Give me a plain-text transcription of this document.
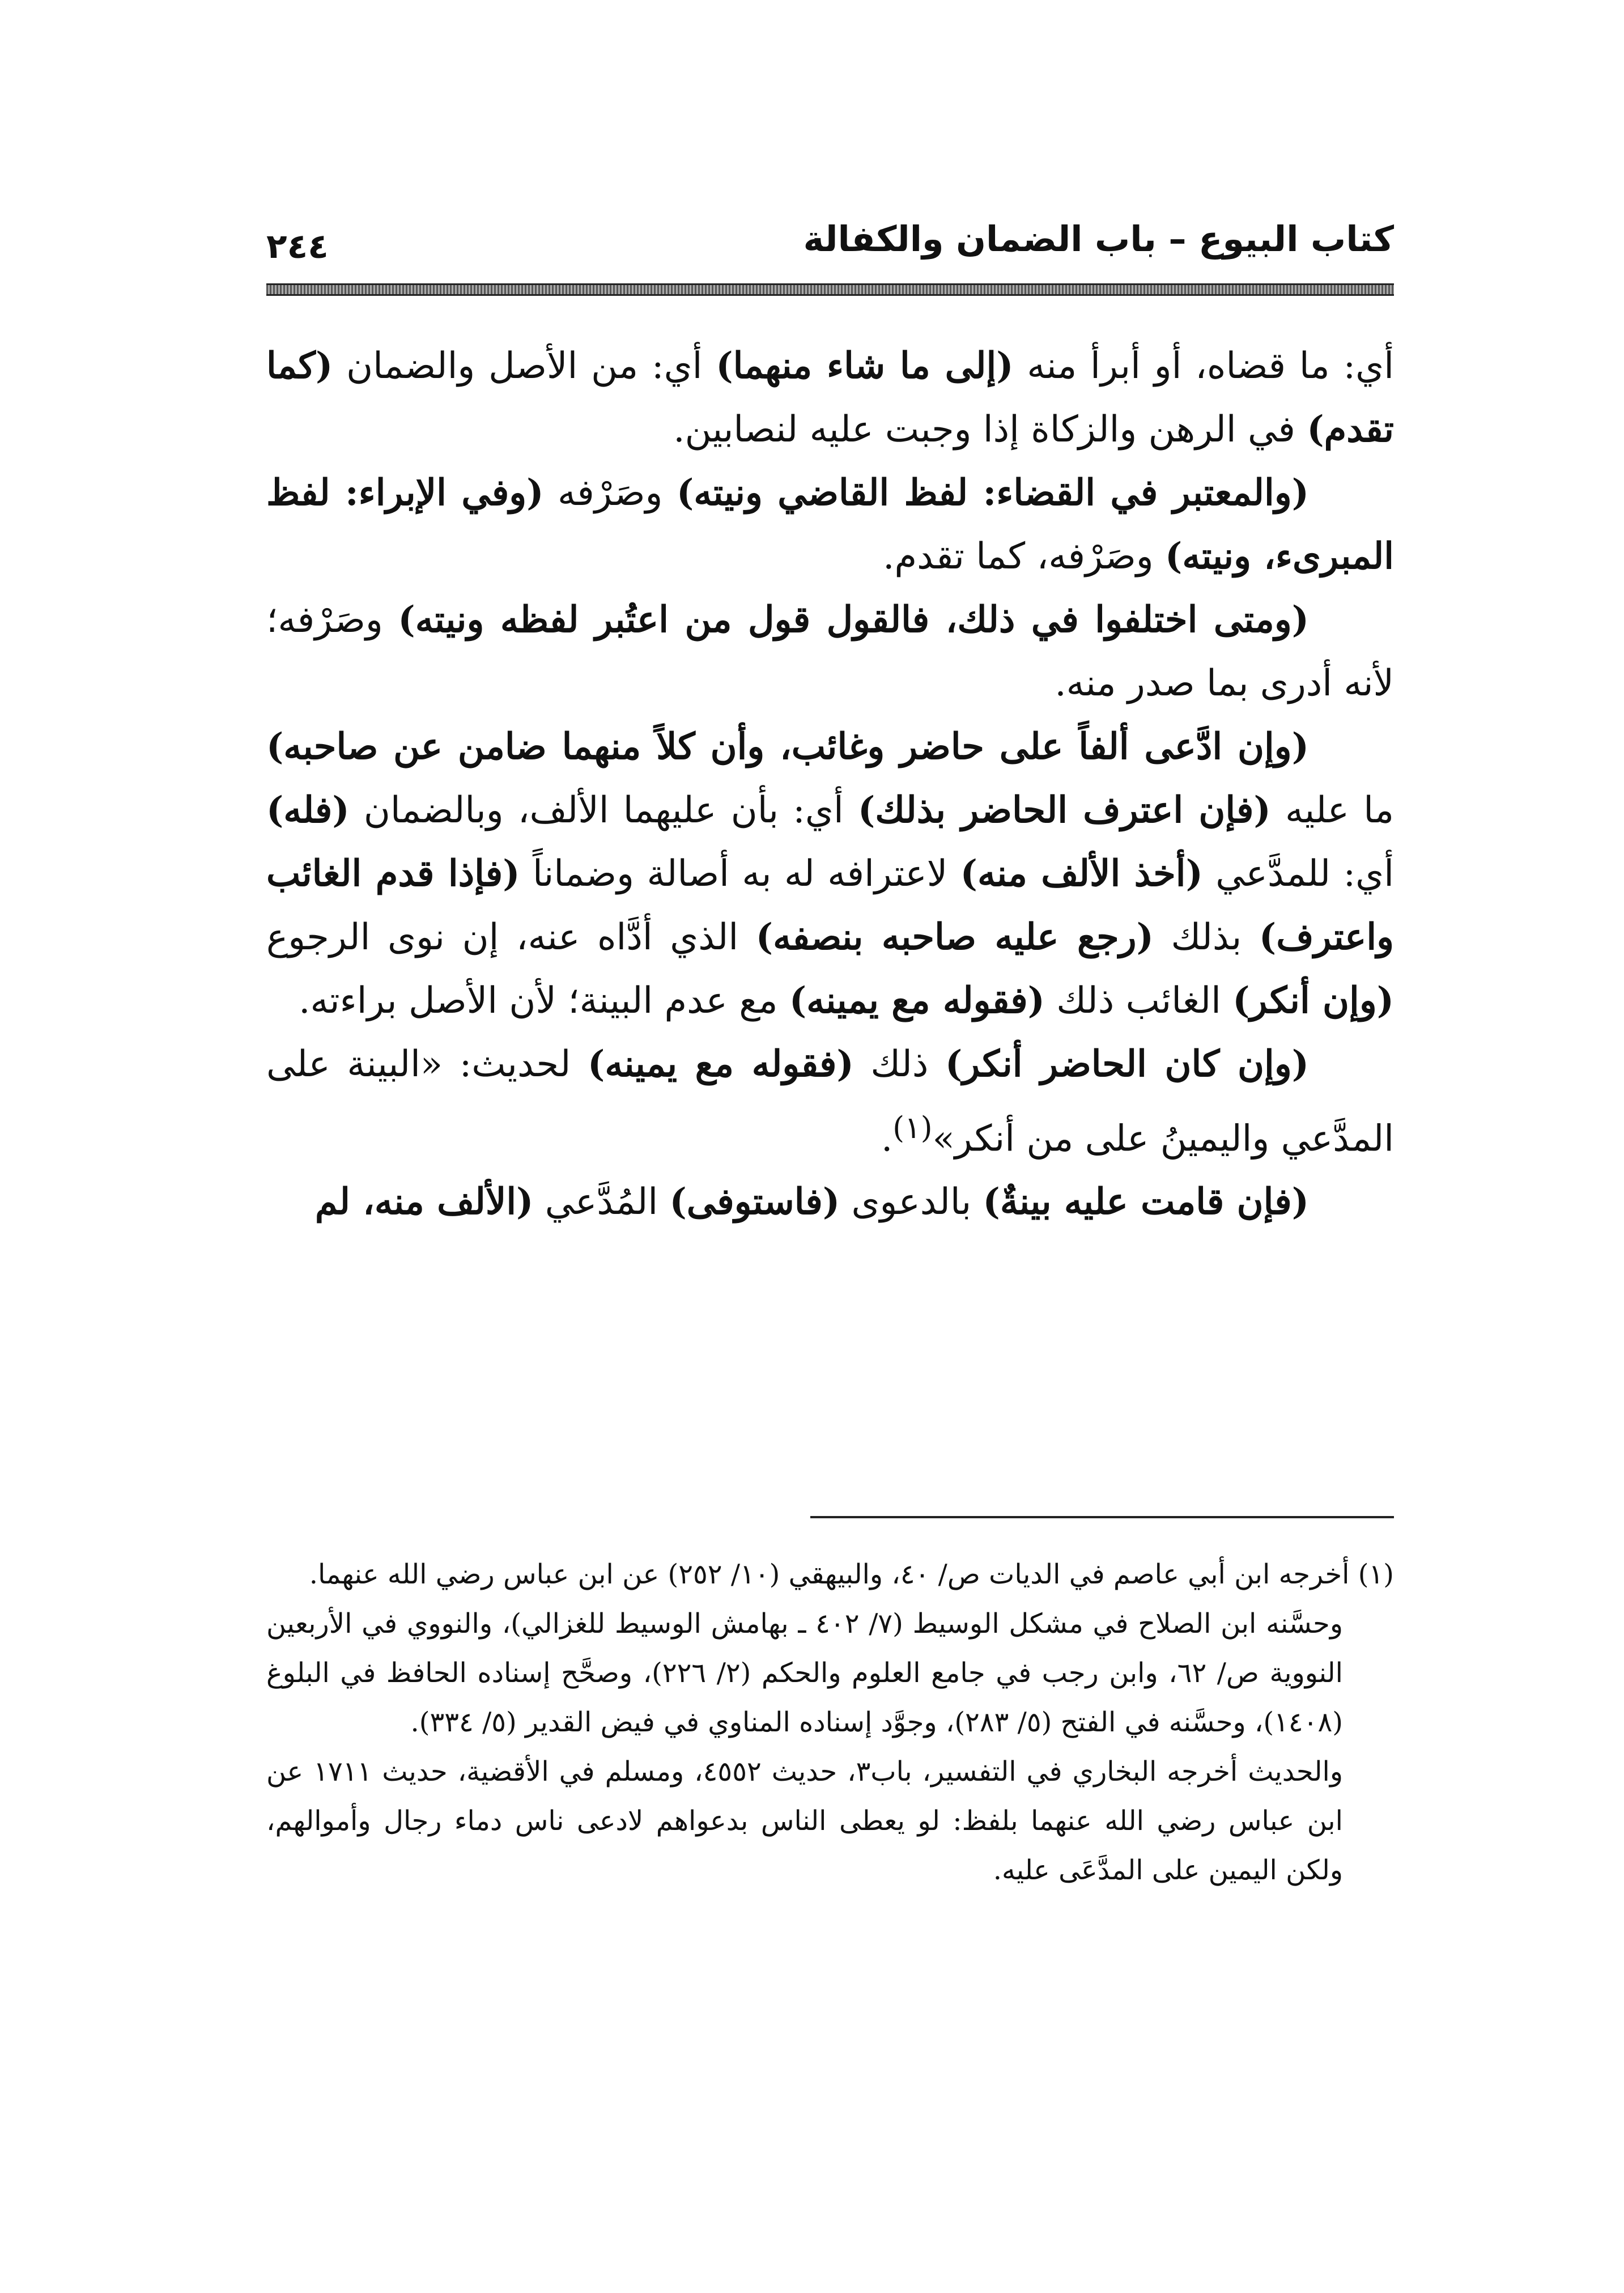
كتاب البيوع – باب الضمان والكفالة
٢٤٤

أي: ما قضاه، أو أبرأ منه (إلى ما شاء منهما) أي: من الأصل والضمان (كما تقدم) في الرهن والزكاة إذا وجبت عليه لنصابين.

(والمعتبر في القضاء: لفظ القاضي ونيته) وصَرْفه (وفي الإبراء: لفظ المبرىء، ونيته) وصَرْفه، كما تقدم.

(ومتى اختلفوا في ذلك، فالقول قول من اعتُبر لفظه ونيته) وصَرْفه؛ لأنه أدرى بما صدر منه.

(وإن ادَّعى ألفاً على حاضر وغائب، وأن كلاً منهما ضامن عن صاحبه) ما عليه (فإن اعترف الحاضر بذلك) أي: بأن عليهما الألف، وبالضمان (فله) أي: للمدَّعي (أخذ الألف منه) لاعترافه له به أصالة وضماناً (فإذا قدم الغائب واعترف) بذلك (رجع عليه صاحبه بنصفه) الذي أدَّاه عنه، إن نوى الرجوع (وإن أنكر) الغائب ذلك (فقوله مع يمينه) مع عدم البينة؛ لأن الأصل براءته.

(وإن كان الحاضر أنكر) ذلك (فقوله مع يمينه) لحديث: «البينة على المدَّعي واليمينُ على من أنكر»$^{(١)}$.

(فإن قامت عليه بينةٌ) بالدعوى (فاستوفى) المُدَّعي (الألف منه، لم

(١) أخرجه ابن أبي عاصم في الديات ص/ ٤٠، والبيهقي (١٠/ ٢٥٢) عن ابن عباس رضي الله عنهما.

وحسَّنه ابن الصلاح في مشكل الوسيط (٧/ ٤٠٢ ـ بهامش الوسيط للغزالي)، والنووي في الأربعين النووية ص/ ٦٢، وابن رجب في جامع العلوم والحكم (٢/ ٢٢٦)، وصحَّح إسناده الحافظ في البلوغ (١٤٠٨)، وحسَّنه في الفتح (٥/ ٢٨٣)، وجوَّد إسناده المناوي في فيض القدير (٥/ ٣٣٤).

والحديث أخرجه البخاري في التفسير، باب٣، حديث ٤٥٥٢، ومسلم في الأقضية، حديث ١٧١١ عن ابن عباس رضي الله عنهما بلفظ: لو يعطى الناس بدعواهم لادعى ناس دماء رجال وأموالهم، ولكن اليمين على المدَّعَى عليه.
